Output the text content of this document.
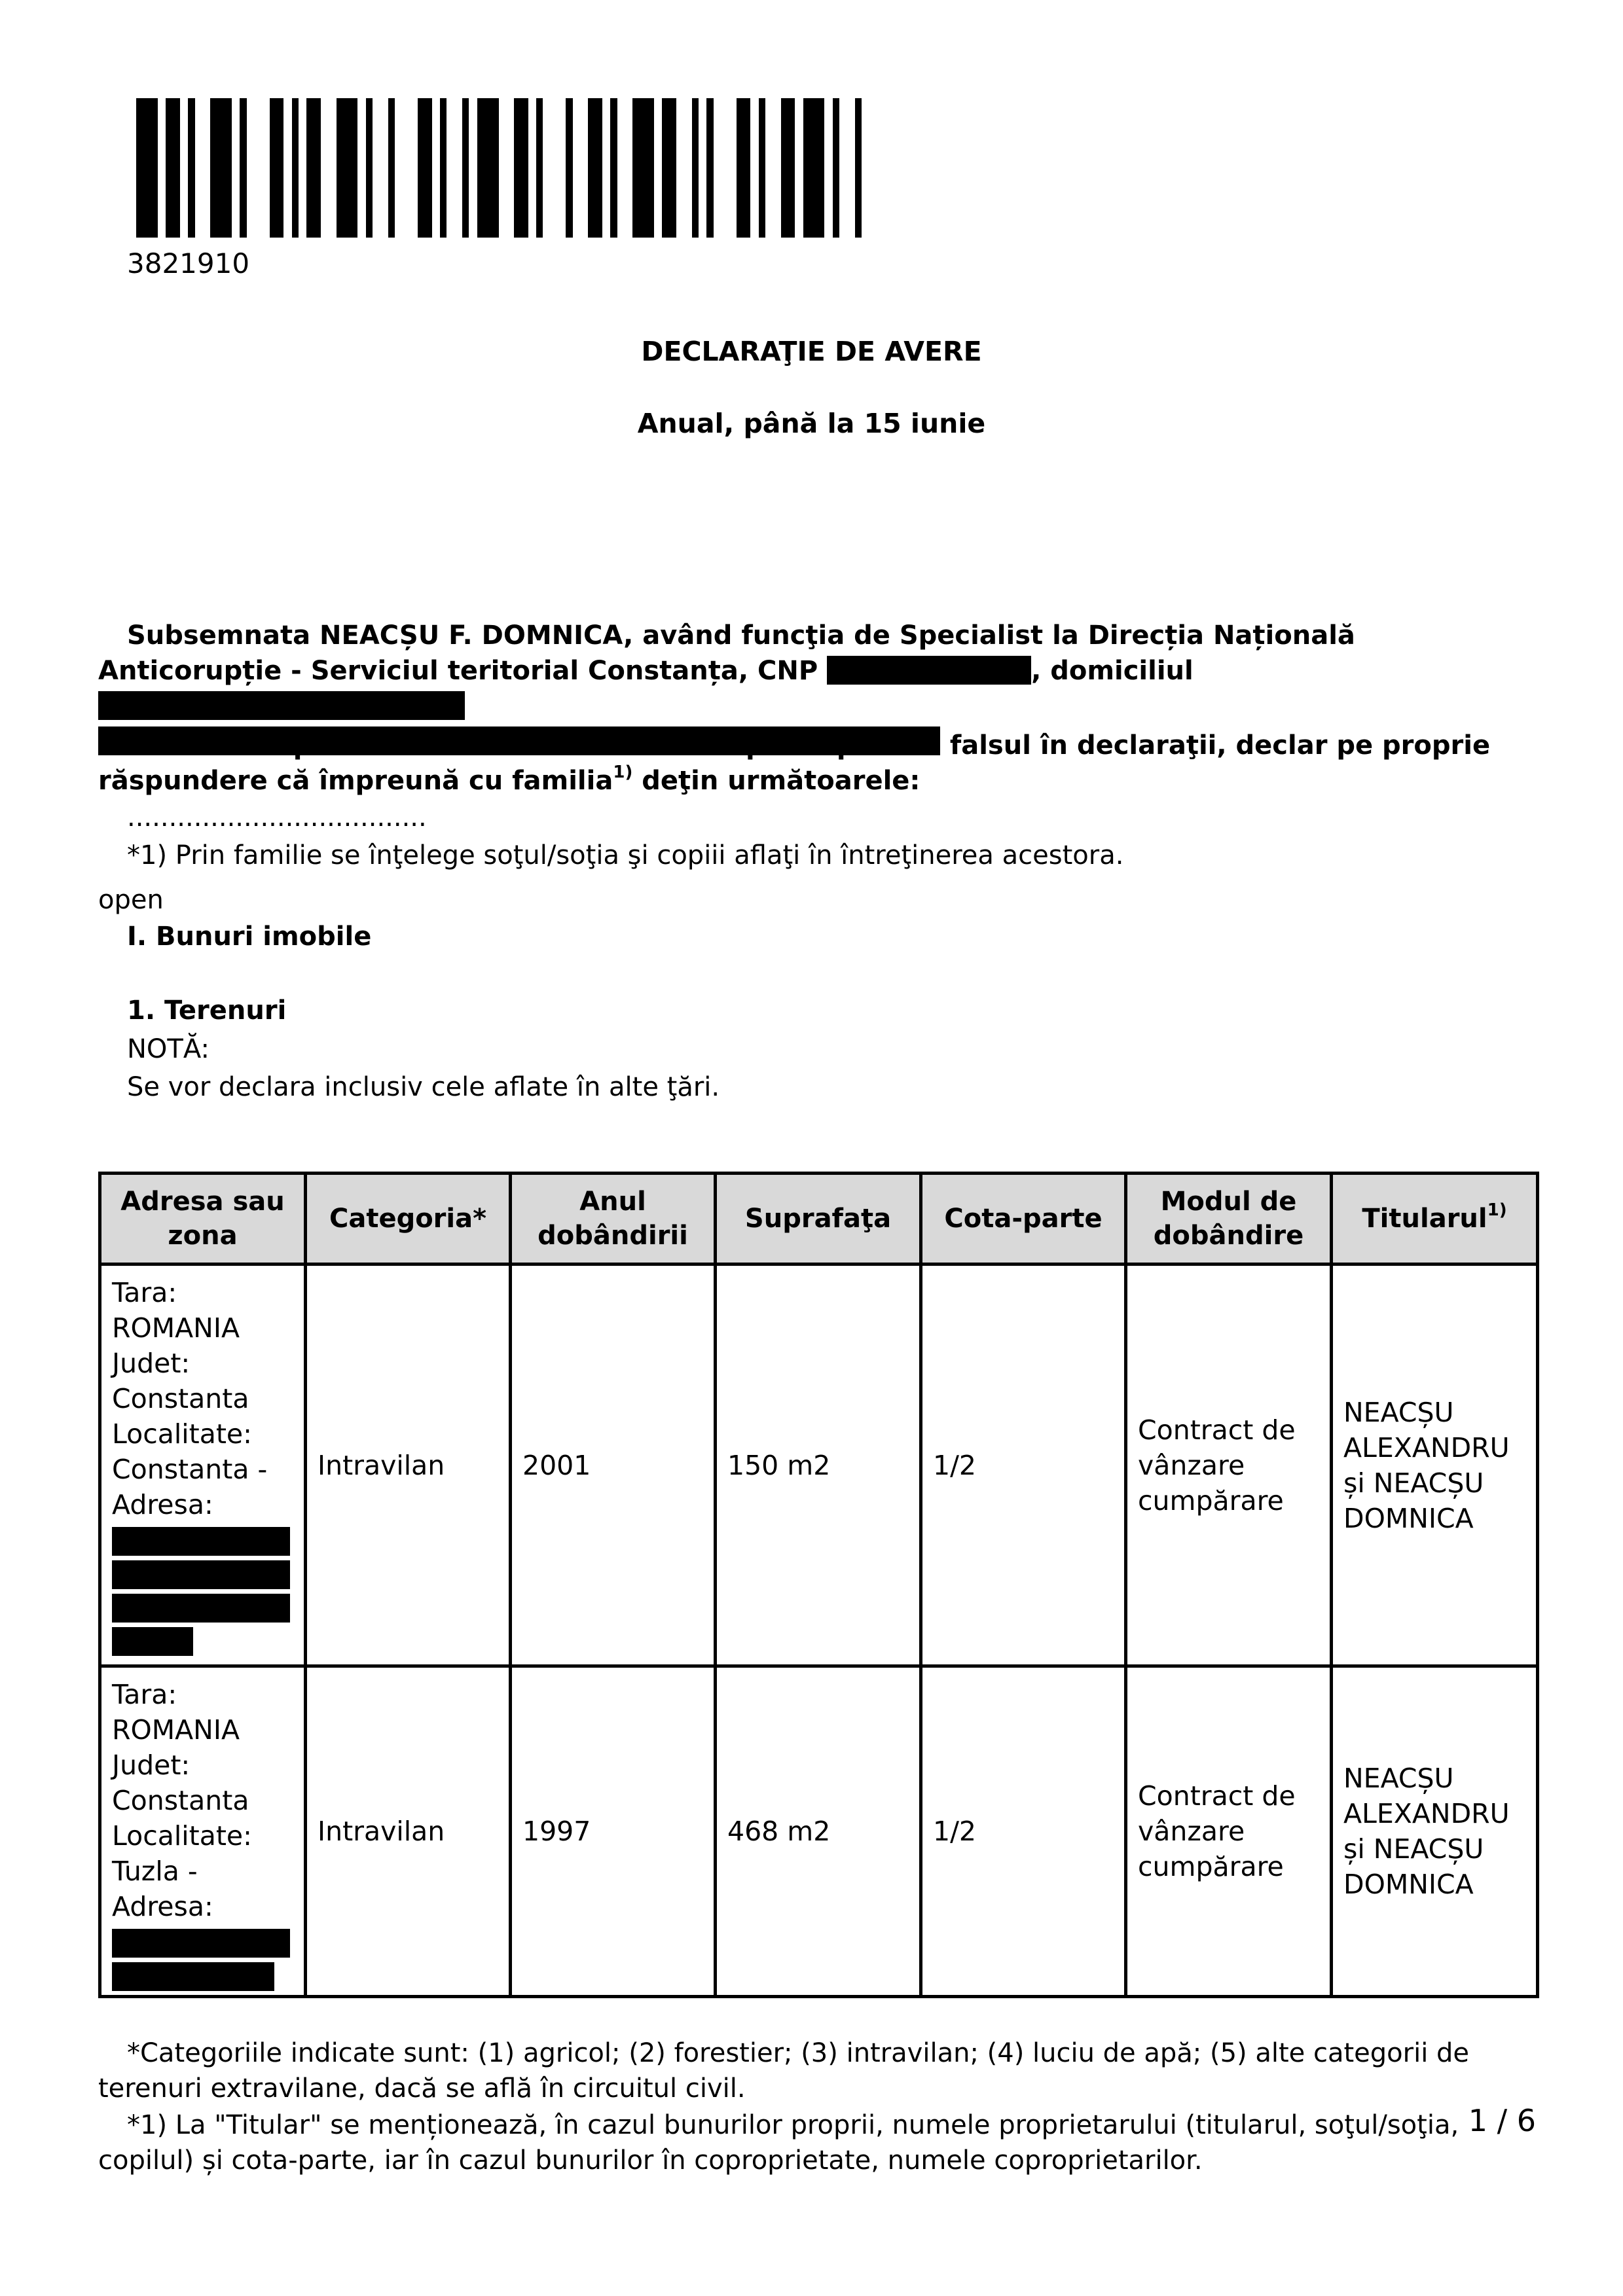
3821910
DECLARAŢIE DE AVERE
Anual, până la 15 iunie
Subsemnata NEACȘU F. DOMNICA, având funcţia de Specialist la Direcția Națională Anticorupție - Serviciul teritorial Constanța, CNP	, domiciliul

cunoscând prevederile art. 292 din Codul penal privind falsul în declaraţii, declar pe proprie răspundere că împreună cu familia$^{1)}$ deţin următoarele:
....................................
*1) Prin familie se înţelege soţul/soţia şi copiii aflaţi în întreţinerea acestora.
open
I. Bunuri imobile
1. Terenuri
NOTĂ:
Se vor declara inclusiv cele aflate în alte ţări.
Adresa sau zona	Categoria*	Anul dobândirii	Suprafaţa	Cota-parte	Modul de dobândire	Titularul$^{1)}$
Tara: ROMANIA Judet: Constanta Localitate: Constanta - Adresa:	Intravilan	2001	150 m2	1/2	Contract de vânzare cumpărare	NEACȘU ALEXANDRU și NEACȘU DOMNICA
Tara: ROMANIA Judet: Constanta Localitate: Tuzla - Adresa:	Intravilan	1997	468 m2	1/2	Contract de vânzare cumpărare	NEACȘU ALEXANDRU și NEACȘU DOMNICA
*Categoriile indicate sunt: (1) agricol; (2) forestier; (3) intravilan; (4) luciu de apă; (5) alte categorii de terenuri extravilane, dacă se află în circuitul civil.
*1) La "Titular" se menționează, în cazul bunurilor proprii, numele proprietarului (titularul, soţul/soţia, copilul) și cota-parte, iar în cazul bunurilor în coproprietate, numele coproprietarilor.
1 / 6
